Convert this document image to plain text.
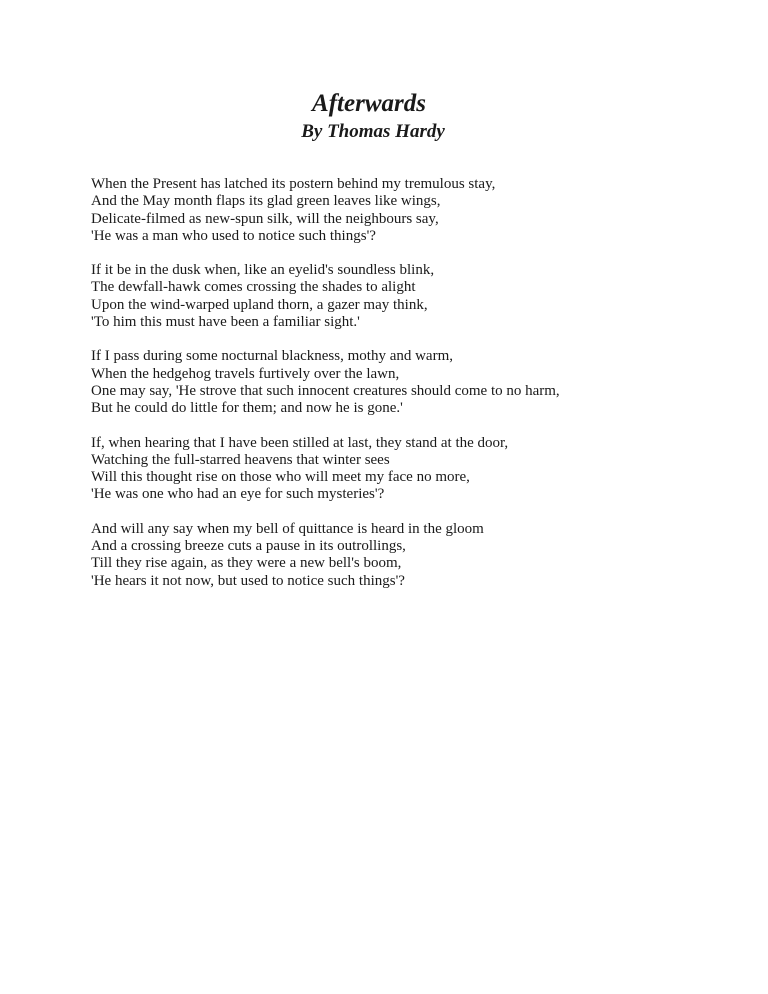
Afterwards
By Thomas Hardy
When the Present has latched its postern behind my tremulous stay,
And the May month flaps its glad green leaves like wings,
Delicate-filmed as new-spun silk, will the neighbours say,
'He was a man who used to notice such things'?
If it be in the dusk when, like an eyelid's soundless blink,
The dewfall-hawk comes crossing the shades to alight
Upon the wind-warped upland thorn, a gazer may think,
'To him this must have been a familiar sight.'
If I pass during some nocturnal blackness, mothy and warm,
When the hedgehog travels furtively over the lawn,
One may say, 'He strove that such innocent creatures should come to no harm,
But he could do little for them; and now he is gone.'
If, when hearing that I have been stilled at last, they stand at the door,
Watching the full-starred heavens that winter sees
Will this thought rise on those who will meet my face no more,
'He was one who had an eye for such mysteries'?
And will any say when my bell of quittance is heard in the gloom
And a crossing breeze cuts a pause in its outrollings,
Till they rise again, as they were a new bell's boom,
'He hears it not now, but used to notice such things'?
